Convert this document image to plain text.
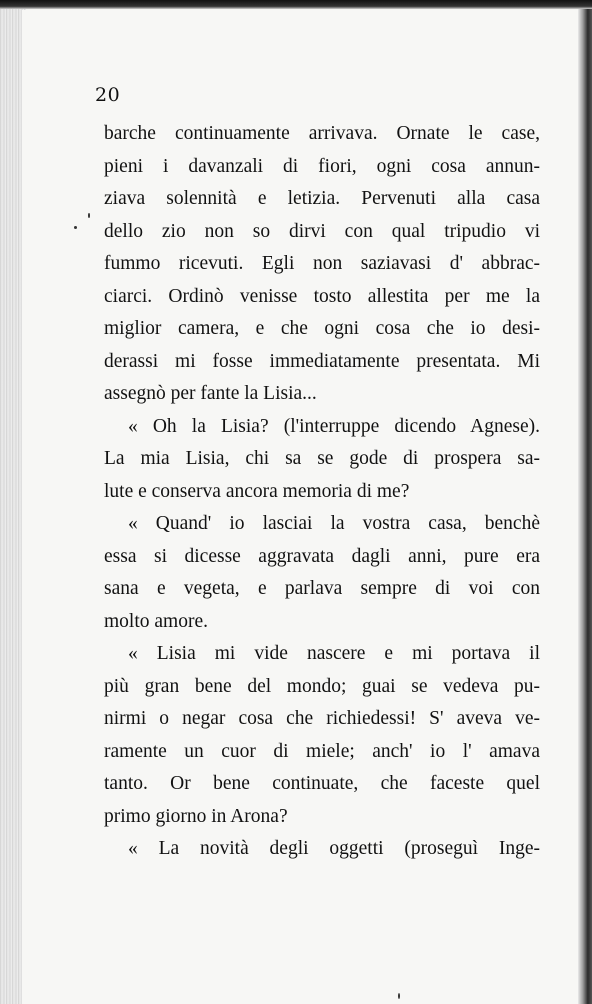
20
barche continuamente arrivava. Ornate le case,
pieni i davanzali di fiori, ogni cosa annun-
ziava solennità e letizia. Pervenuti alla casa
dello zio non so dirvi con qual tripudio vi
fummo ricevuti. Egli non saziavasi d' abbrac-
ciarci. Ordinò venisse tosto allestita per me la
miglior camera, e che ogni cosa che io desi-
derassi mi fosse immediatamente presentata. Mi
assegnò per fante la Lisia...
« Oh la Lisia? (l'interruppe dicendo Agnese).
La mia Lisia, chi sa se gode di prospera sa-
lute e conserva ancora memoria di me?
« Quand' io lasciai la vostra casa, benchè
essa si dicesse aggravata dagli anni, pure era
sana e vegeta, e parlava sempre di voi con
molto amore.
« Lisia mi vide nascere e mi portava il
più gran bene del mondo; guai se vedeva pu-
nirmi o negar cosa che richiedessi! S' aveva ve-
ramente un cuor di miele; anch' io l' amava
tanto. Or bene continuate, che faceste quel
primo giorno in Arona?
« La novità degli oggetti (proseguì Inge-
